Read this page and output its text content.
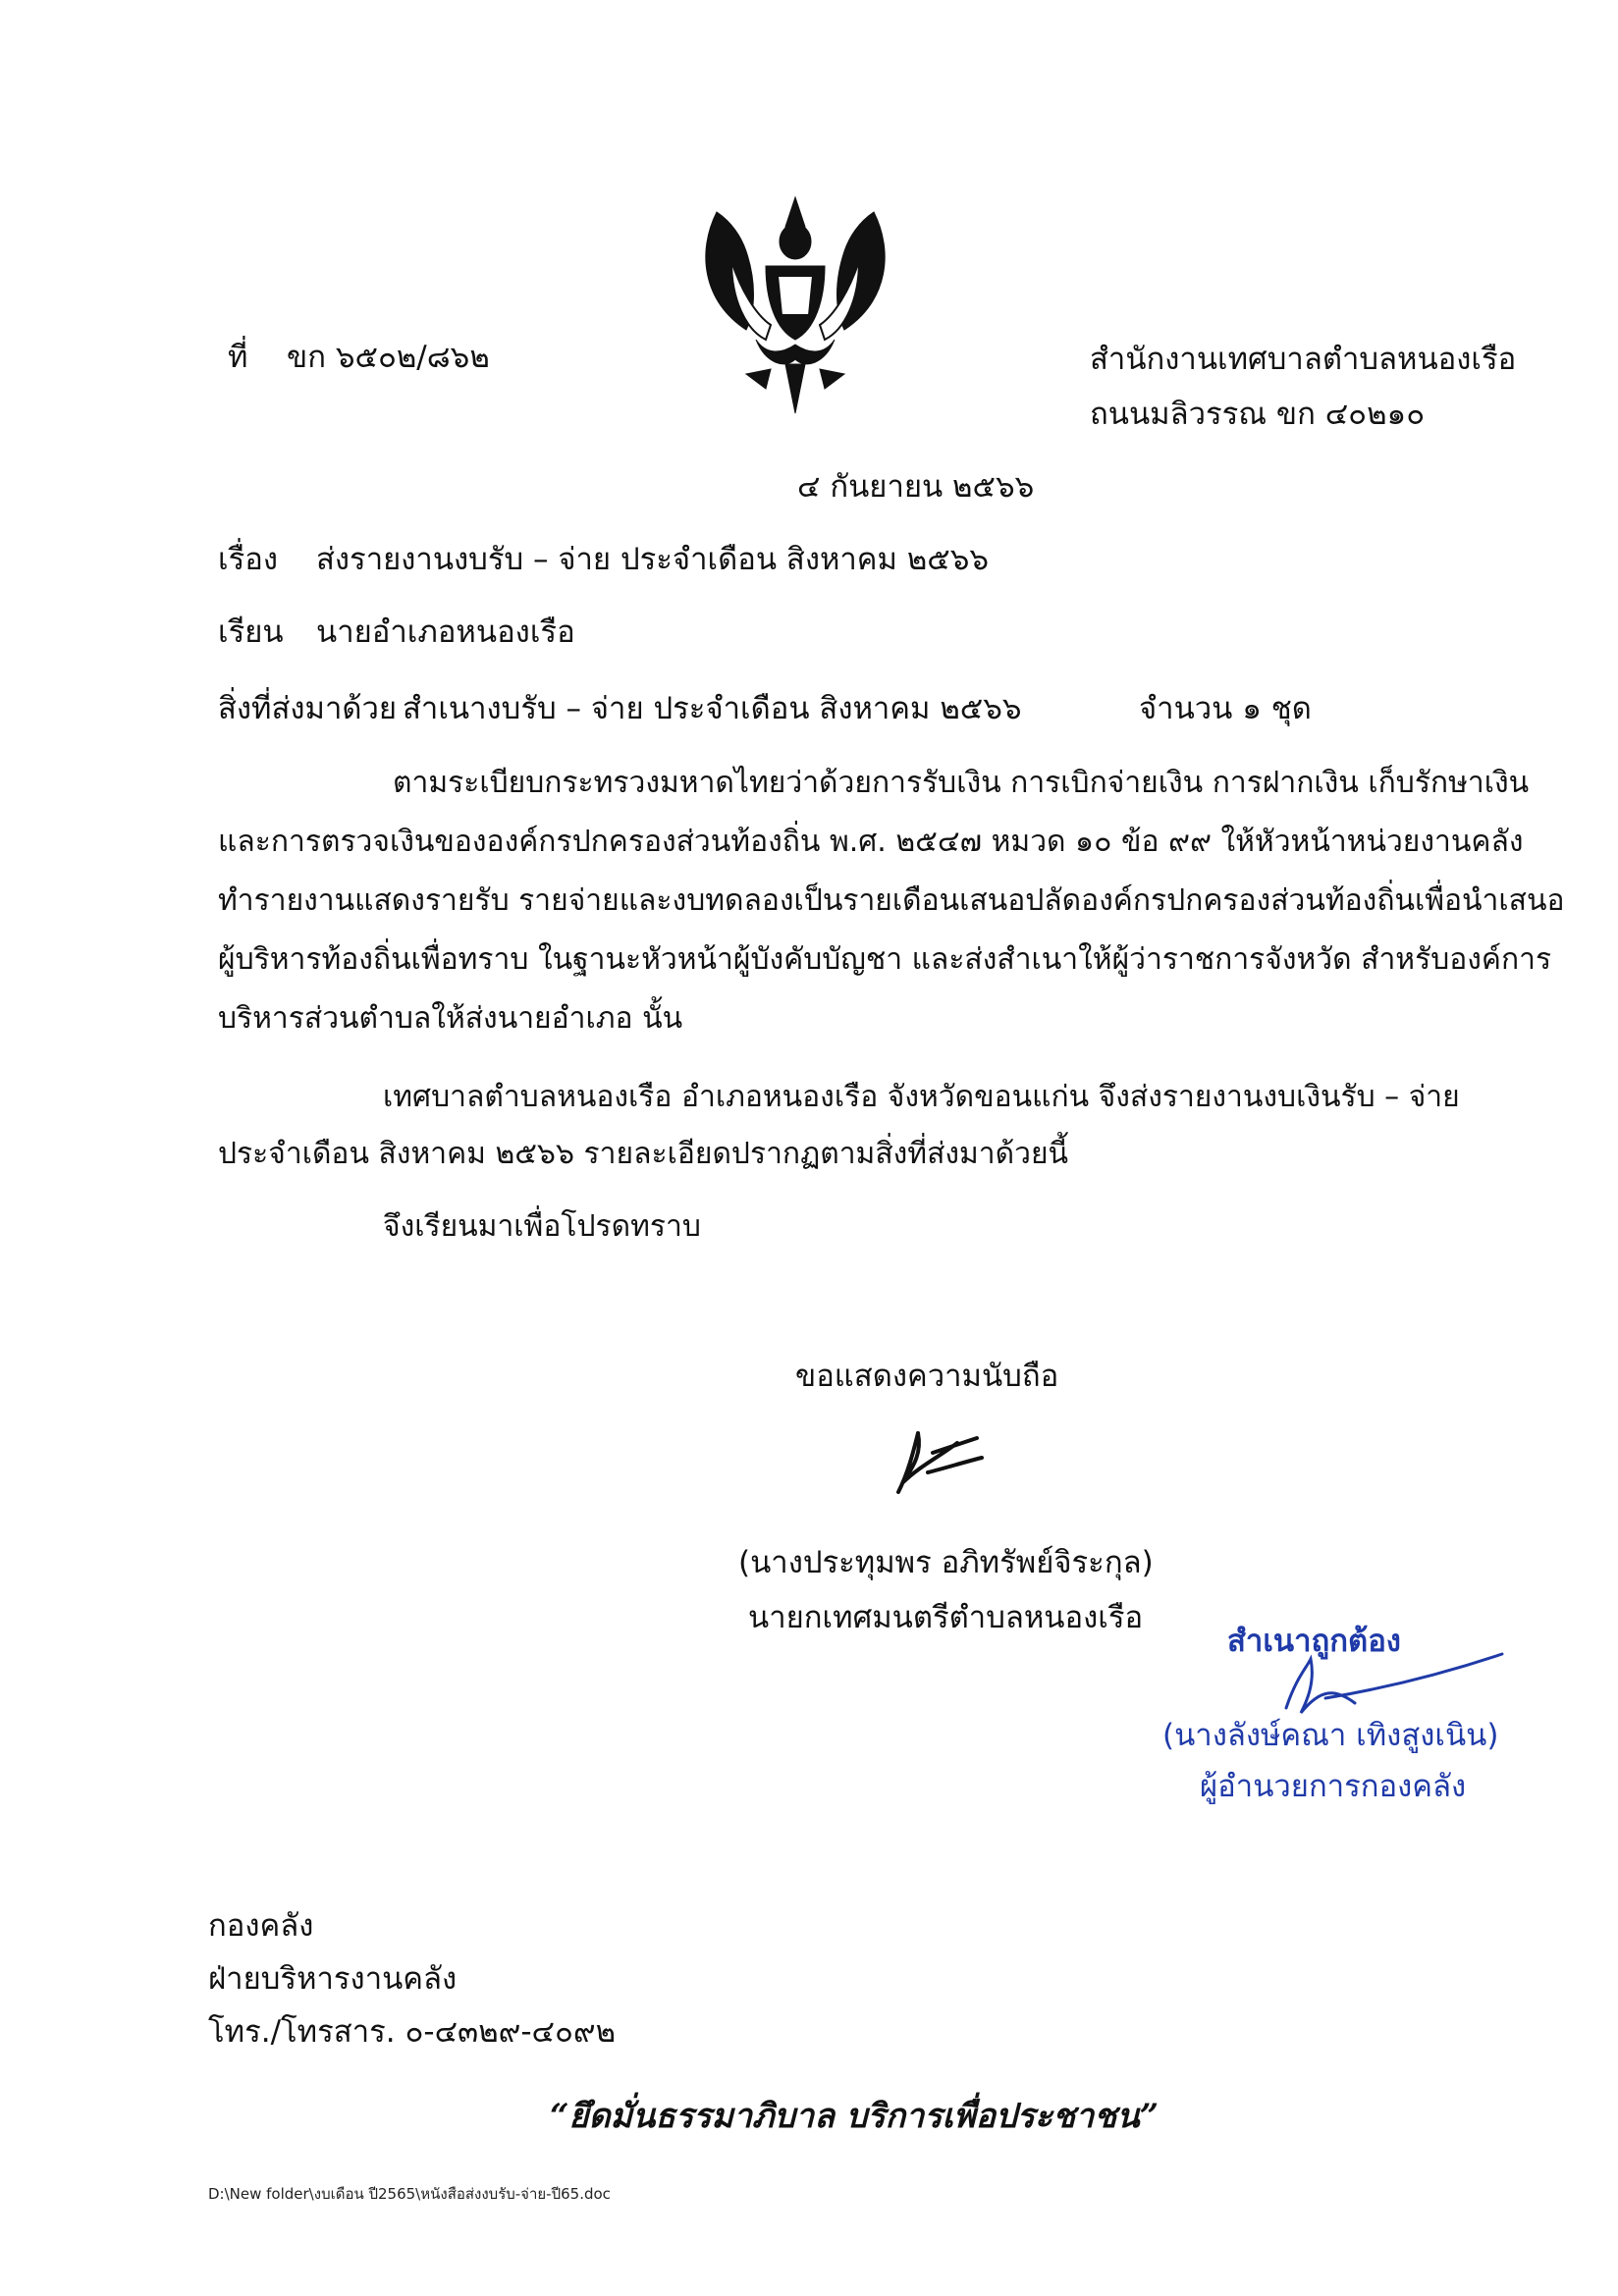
ที่ ขก ๖๕๐๒/๘๖๒	สำนักงานเทศบาลตำบลหนองเรือ
ถนนมลิวรรณ ขก ๔๐๒๑๐
๔ กันยายน ๒๕๖๖
เรื่อง ส่งรายงานงบรับ – จ่าย ประจำเดือน สิงหาคม ๒๕๖๖
เรียน นายอำเภอหนองเรือ
สิ่งที่ส่งมาด้วย สำเนางบรับ – จ่าย ประจำเดือน สิงหาคม ๒๕๖๖	จำนวน ๑ ชุด
ตามระเบียบกระทรวงมหาดไทยว่าด้วยการรับเงิน การเบิกจ่ายเงิน การฝากเงิน เก็บรักษาเงิน
และการตรวจเงินขององค์กรปกครองส่วนท้องถิ่น พ.ศ. ๒๕๔๗ หมวด ๑๐ ข้อ ๙๙ ให้หัวหน้าหน่วยงานคลัง
ทำรายงานแสดงรายรับ รายจ่ายและงบทดลองเป็นรายเดือนเสนอปลัดองค์กรปกครองส่วนท้องถิ่นเพื่อนำเสนอ
ผู้บริหารท้องถิ่นเพื่อทราบ ในฐานะหัวหน้าผู้บังคับบัญชา และส่งสำเนาให้ผู้ว่าราชการจังหวัด สำหรับองค์การ
บริหารส่วนตำบลให้ส่งนายอำเภอ นั้น
เทศบาลตำบลหนองเรือ อำเภอหนองเรือ จังหวัดขอนแก่น จึงส่งรายงานงบเงินรับ – จ่าย
ประจำเดือน สิงหาคม ๒๕๖๖ รายละเอียดปรากฏตามสิ่งที่ส่งมาด้วยนี้
จึงเรียนมาเพื่อโปรดทราบ
ขอแสดงความนับถือ
(นางประทุมพร อภิทรัพย์จิระกุล)
นายกเทศมนตรีตำบลหนองเรือ
สำเนาถูกต้อง
(นางลังษ์คณา เทิงสูงเนิน)
ผู้อำนวยการกองคลัง
กองคลัง
ฝ่ายบริหารงานคลัง
โทร./โทรสาร. ๐-๔๓๒๙-๔๐๙๒
“ยึดมั่นธรรมาภิบาล บริการเพื่อประชาชน”
D:\New folder\งบเดือน ปี2565\หนังสือส่งงบรับ-จ่าย-ปี65.doc
